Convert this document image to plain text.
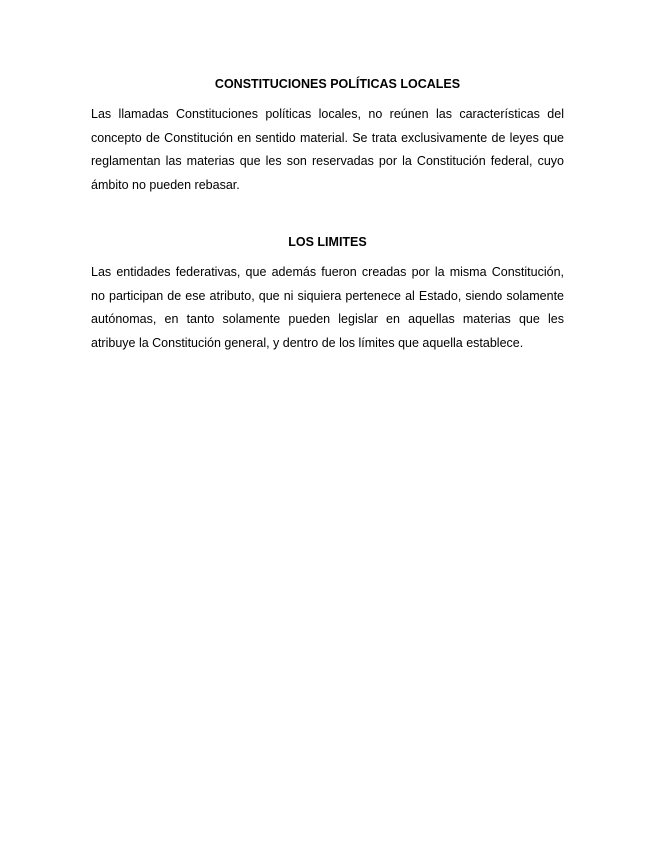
CONSTITUCIONES POLÍTICAS LOCALES

Las llamadas Constituciones políticas locales, no reúnen las características del concepto de Constitución en sentido material. Se trata exclusivamente de leyes que reglamentan las materias que les son reservadas por la Constitución federal, cuyo ámbito no pueden rebasar.

LOS LIMITES

Las entidades federativas, que además fueron creadas por la misma Constitución, no participan de ese atributo, que ni siquiera pertenece al Estado, siendo solamente autónomas, en tanto solamente pueden legislar en aquellas materias que les atribuye la Constitución general, y dentro de los límites que aquella establece.
